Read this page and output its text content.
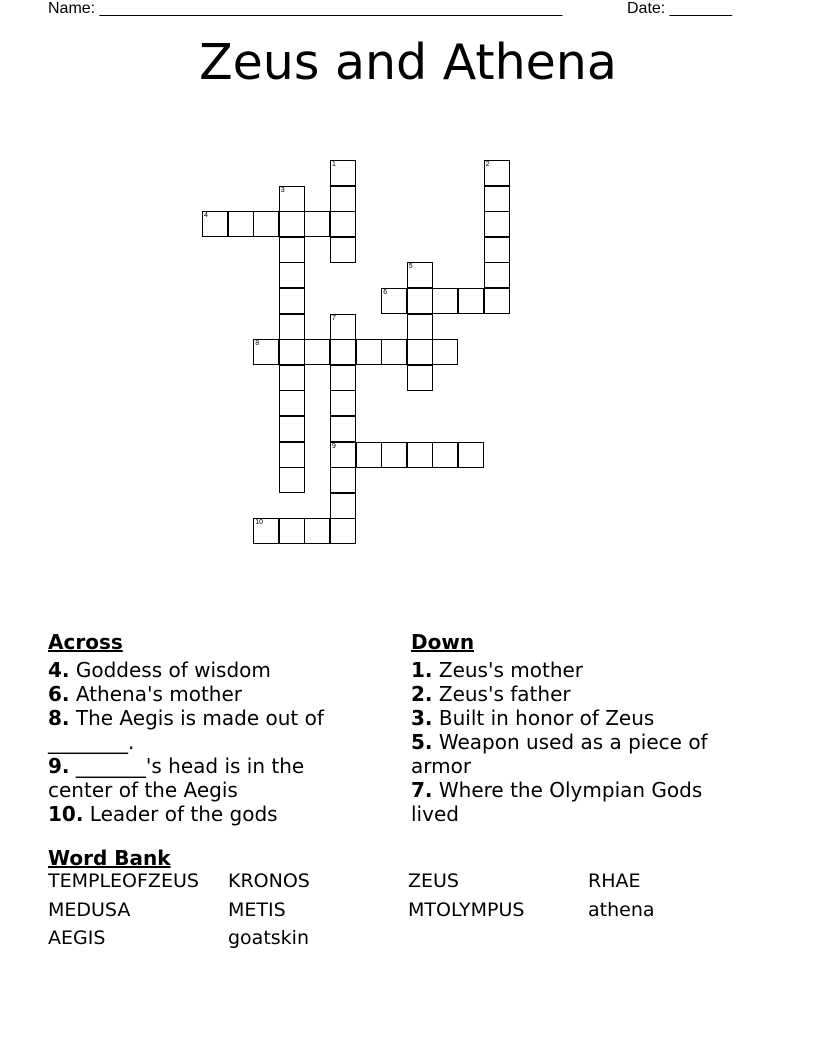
Name: ____________________________________________________	Date: _______
Zeus and Athena
1	2
3
4
5
6
7
9
8
10
Across
4. Goddess of wisdom
6. Athena's mother
8. The Aegis is made out of ________.
9. _______'s head is in the center of the Aegis
10. Leader of the gods
Down
1. Zeus's mother
2. Zeus's father
3. Built in honor of Zeus
5. Weapon used as a piece of armor
7. Where the Olympian Gods lived
Word Bank
TEMPLEOFZEUS	KRONOS	ZEUS	RHAE
MEDUSA	METIS	MTOLYMPUS	athena
AEGIS	goatskin
